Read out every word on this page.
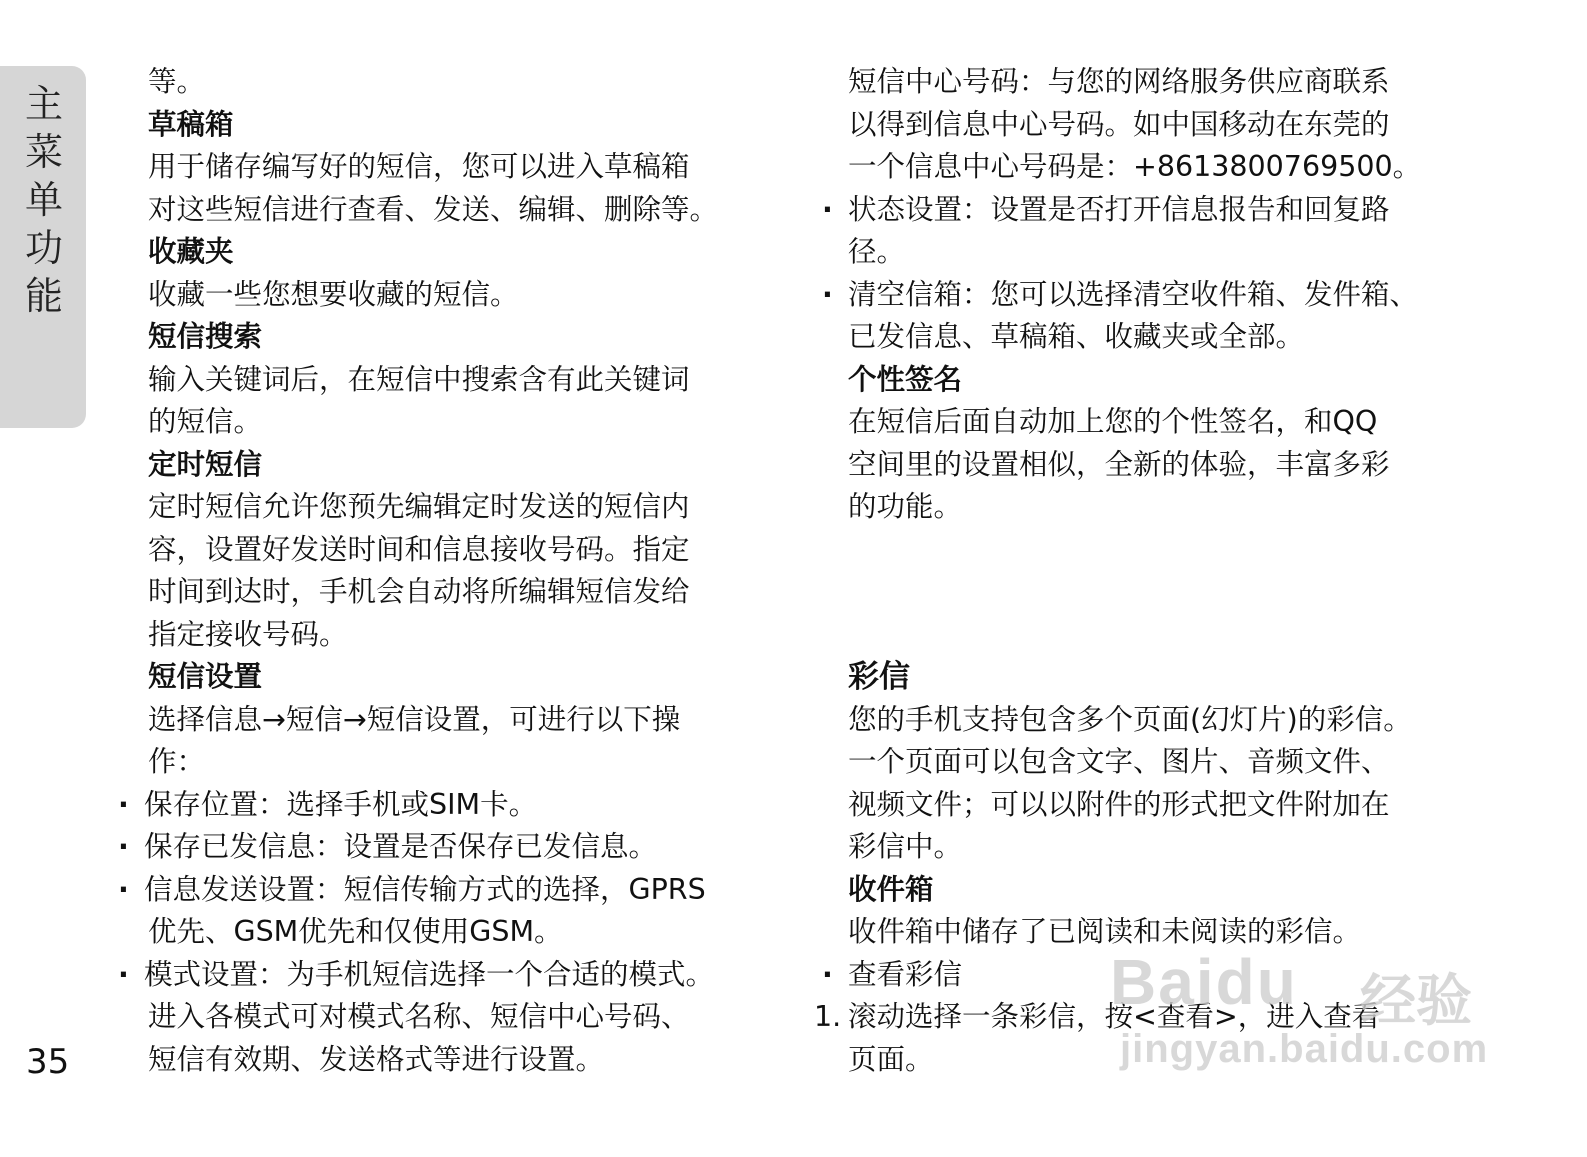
主菜单功能
35
等。
草稿箱
用于储存编写好的短信，您可以进入草稿箱
对这些短信进行查看、发送、编辑、删除等。
收藏夹
收藏一些您想要收藏的短信。
短信搜索
输入关键词后，在短信中搜索含有此关键词
的短信。
定时短信
定时短信允许您预先编辑定时发送的短信内
容，设置好发送时间和信息接收号码。指定
时间到达时，手机会自动将所编辑短信发给
指定接收号码。
短信设置
选择信息→短信→短信设置，可进行以下操
作：
· 保存位置：选择手机或SIM卡。
· 保存已发信息：设置是否保存已发信息。
· 信息发送设置：短信传输方式的选择，GPRS
优先、GSM优先和仅使用GSM。
· 模式设置：为手机短信选择一个合适的模式。
进入各模式可对模式名称、短信中心号码、
短信有效期、发送格式等进行设置。
短信中心号码：与您的网络服务供应商联系
以得到信息中心号码。如中国移动在东莞的
一个信息中心号码是：+8613800769500。
· 状态设置：设置是否打开信息报告和回复路
径。
· 清空信箱：您可以选择清空收件箱、发件箱、
已发信息、草稿箱、收藏夹或全部。
个性签名
在短信后面自动加上您的个性签名，和QQ
空间里的设置相似，全新的体验，丰富多彩
的功能。
彩信
您的手机支持包含多个页面(幻灯片)的彩信。
一个页面可以包含文字、图片、音频文件、
视频文件；可以以附件的形式把文件附加在
彩信中。
收件箱
收件箱中储存了已阅读和未阅读的彩信。
· 查看彩信
1. 滚动选择一条彩信，按<查看>，进入查看
页面。
Baidu 经验
jingyan.baidu.com
